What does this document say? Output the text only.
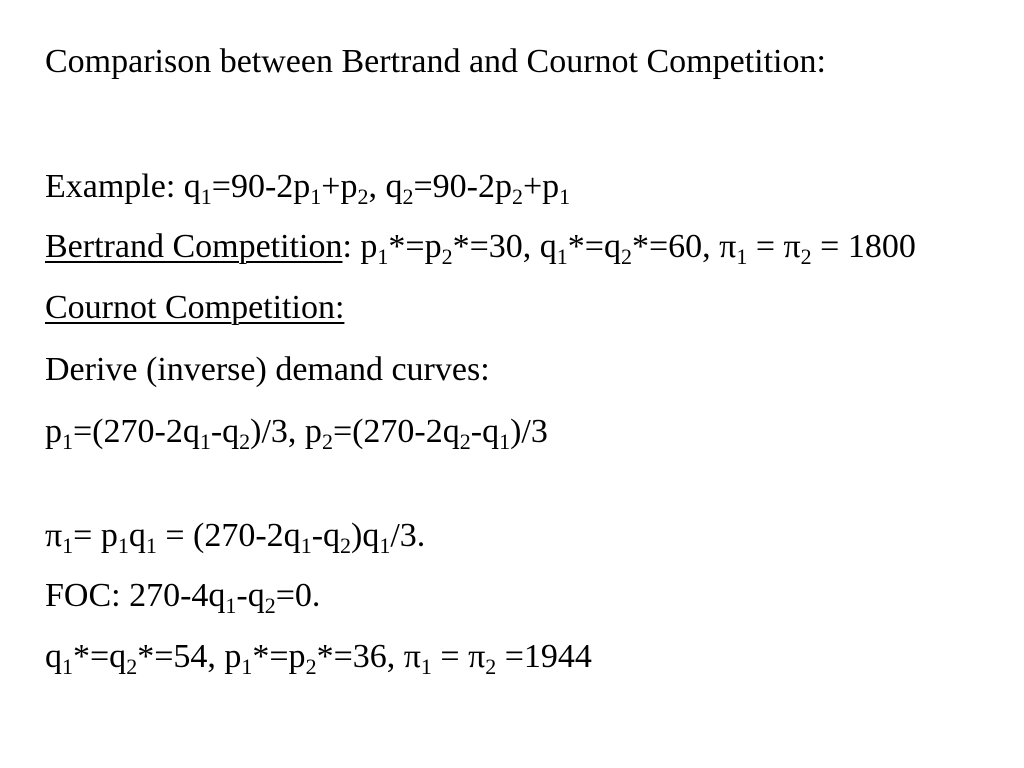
Comparison between Bertrand and Cournot Competition:
Example: $q_1=90-2p_1+p_2$, $q_2=90-2p_2+p_1$
Bertrand Competition: $p_1*=p_2*=30$, $q_1*=q_2*=60$, $\pi_1 = \pi_2 = 1800$
Cournot Competition:
Derive (inverse) demand curves:
$p_1=(270-2q_1-q_2)/3$, $p_2=(270-2q_2-q_1)/3$
$\pi_1= p_1q_1 = (270-2q_1-q_2)q_1/3$.
FOC: $270-4q_1-q_2=0$.
$q_1*=q_2*=54$, $p_1*=p_2*=36$, $\pi_1 = \pi_2 =1944$
